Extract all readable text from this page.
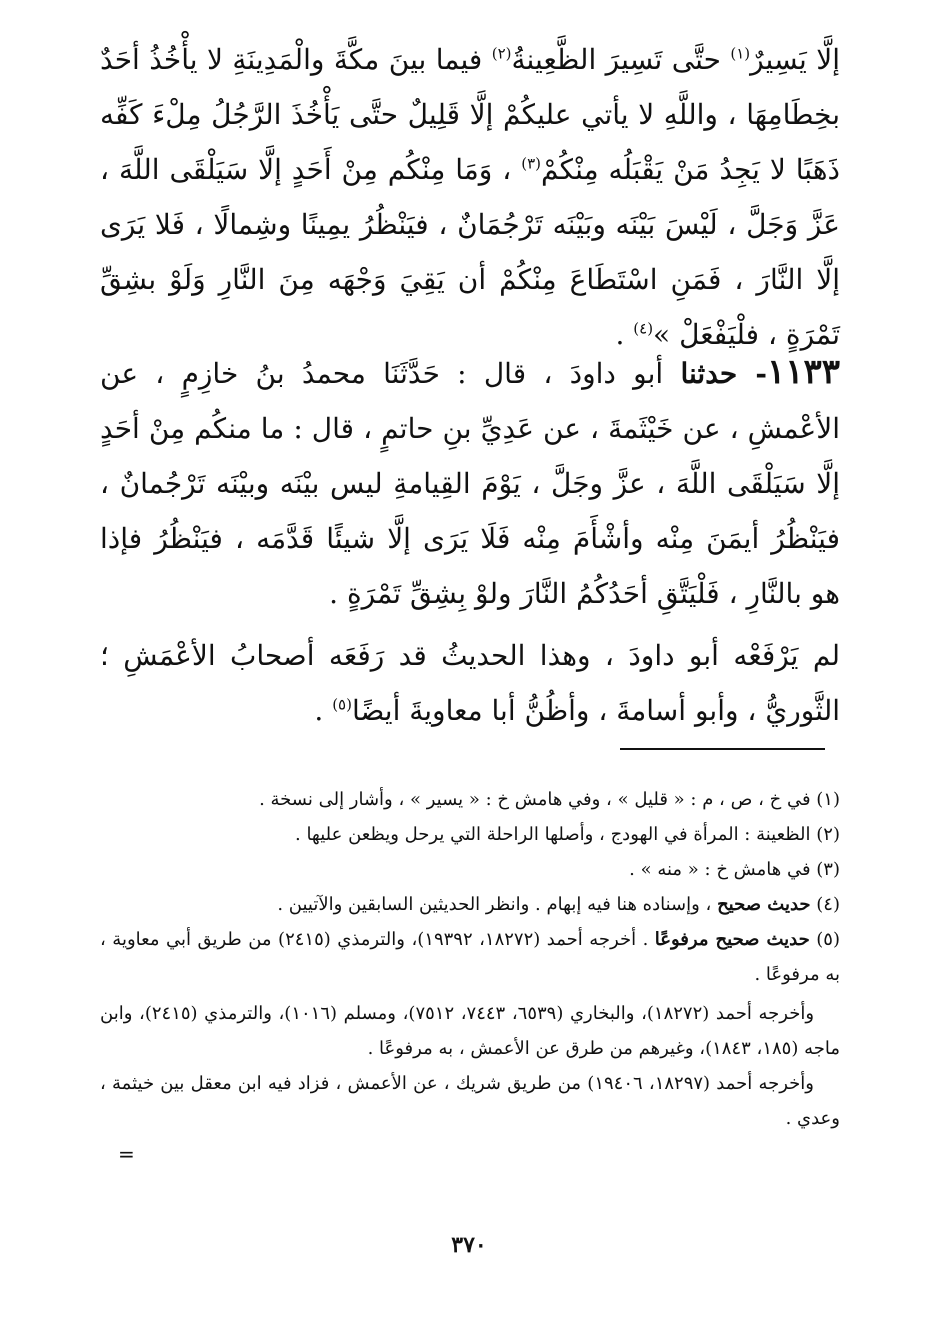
إلَّا يَسِيرٌ$^{(١)}$ حتَّى تَسِيرَ الظَّعِينةُ$^{(٢)}$ فيما بينَ مكَّةَ والْمَدِينَةِ لا يأْخُذُ أحَدٌ بخِطَامِهَا ، واللَّهِ لا يأتي عليكُمْ إلَّا قَلِيلٌ حتَّى يَأْخُذَ الرَّجُلُ مِلْءَ كَفِّه ذَهَبًا لا يَجِدُ مَنْ يَقْبَلُه مِنْكُمْ$^{(٣)}$ ، وَمَا مِنْكُم مِنْ أَحَدٍ إلَّا سَيَلْقَى اللَّهَ ، عَزَّ وَجَلَّ ، لَيْسَ بَيْنَه وبَيْنَه تَرْجُمَانٌ ، فيَنْظُرُ يمِينًا وشِمالًا ، فَلا يَرَى إلَّا النَّارَ ، فَمَنِ اسْتَطَاعَ مِنْكُمْ أن يَقِيَ وَجْهَه مِنَ النَّارِ وَلَوْ بشِقِّ تَمْرَةٍ ، فلْيَفْعَلْ »$^{(٤)}$ .
١١٣٣- حدثنا أبو داودَ ، قال : حَدَّثَنَا محمدُ بنُ خازِمٍ ، عن الأعْمشِ ، عن خَيْثَمةَ ، عن عَدِيِّ بنِ حاتمٍ ، قال : ما منكُم مِنْ أحَدٍ إلَّا سَيَلْقَى اللَّهَ ، عزَّ وجَلَّ ، يَوْمَ القِيامةِ ليس بيْنَه وبيْنَه تَرْجُمانٌ ، فيَنْظُرُ أيمَنَ مِنْه وأشْأَمَ مِنْه فَلَا يَرَى إلَّا شيئًا قَدَّمَه ، فيَنْظُرُ فإذا هو بالنَّارِ ، فَلْيَتَّقِ أحَدُكُمُ النَّارَ ولوْ بِشِقِّ تَمْرَةٍ .
لم يَرْفَعْه أبو داودَ ، وهذا الحديثُ قد رَفَعَه أصحابُ الأعْمَشِ ؛ الثَّوريُّ ، وأبو أسامةَ ، وأظُنُّ أبا معاويةَ أيضًا$^{(٥)}$ .
(١) في خ ، ص ، م : « قليل » ، وفي هامش خ : « يسير » ، وأشار إلى نسخة .
(٢) الظعينة : المرأة في الهودج ، وأصلها الراحلة التي يرحل ويظعن عليها .
(٣) في هامش خ : « منه » .
(٤) حديث صحيح ، وإسناده هنا فيه إبهام . وانظر الحديثين السابقين والآتيين .
(٥) حديث صحيح مرفوعًا . أخرجه أحمد (١٨٢٧٢، ١٩٣٩٢)، والترمذي (٢٤١٥) من طريق أبي معاوية ، به مرفوعًا .
وأخرجه أحمد (١٨٢٧٢)، والبخاري (٦٥٣٩، ٧٤٤٣، ٧٥١٢)، ومسلم (١٠١٦)، والترمذي (٢٤١٥)، وابن ماجه (١٨٥، ١٨٤٣)، وغيرهم من طرق عن الأعمش ، به مرفوعًا .
وأخرجه أحمد (١٨٢٩٧، ١٩٤٠٦) من طريق شريك ، عن الأعمش ، فزاد فيه ابن معقل بين خيثمة ، وعدي .
=
٣٧٠
